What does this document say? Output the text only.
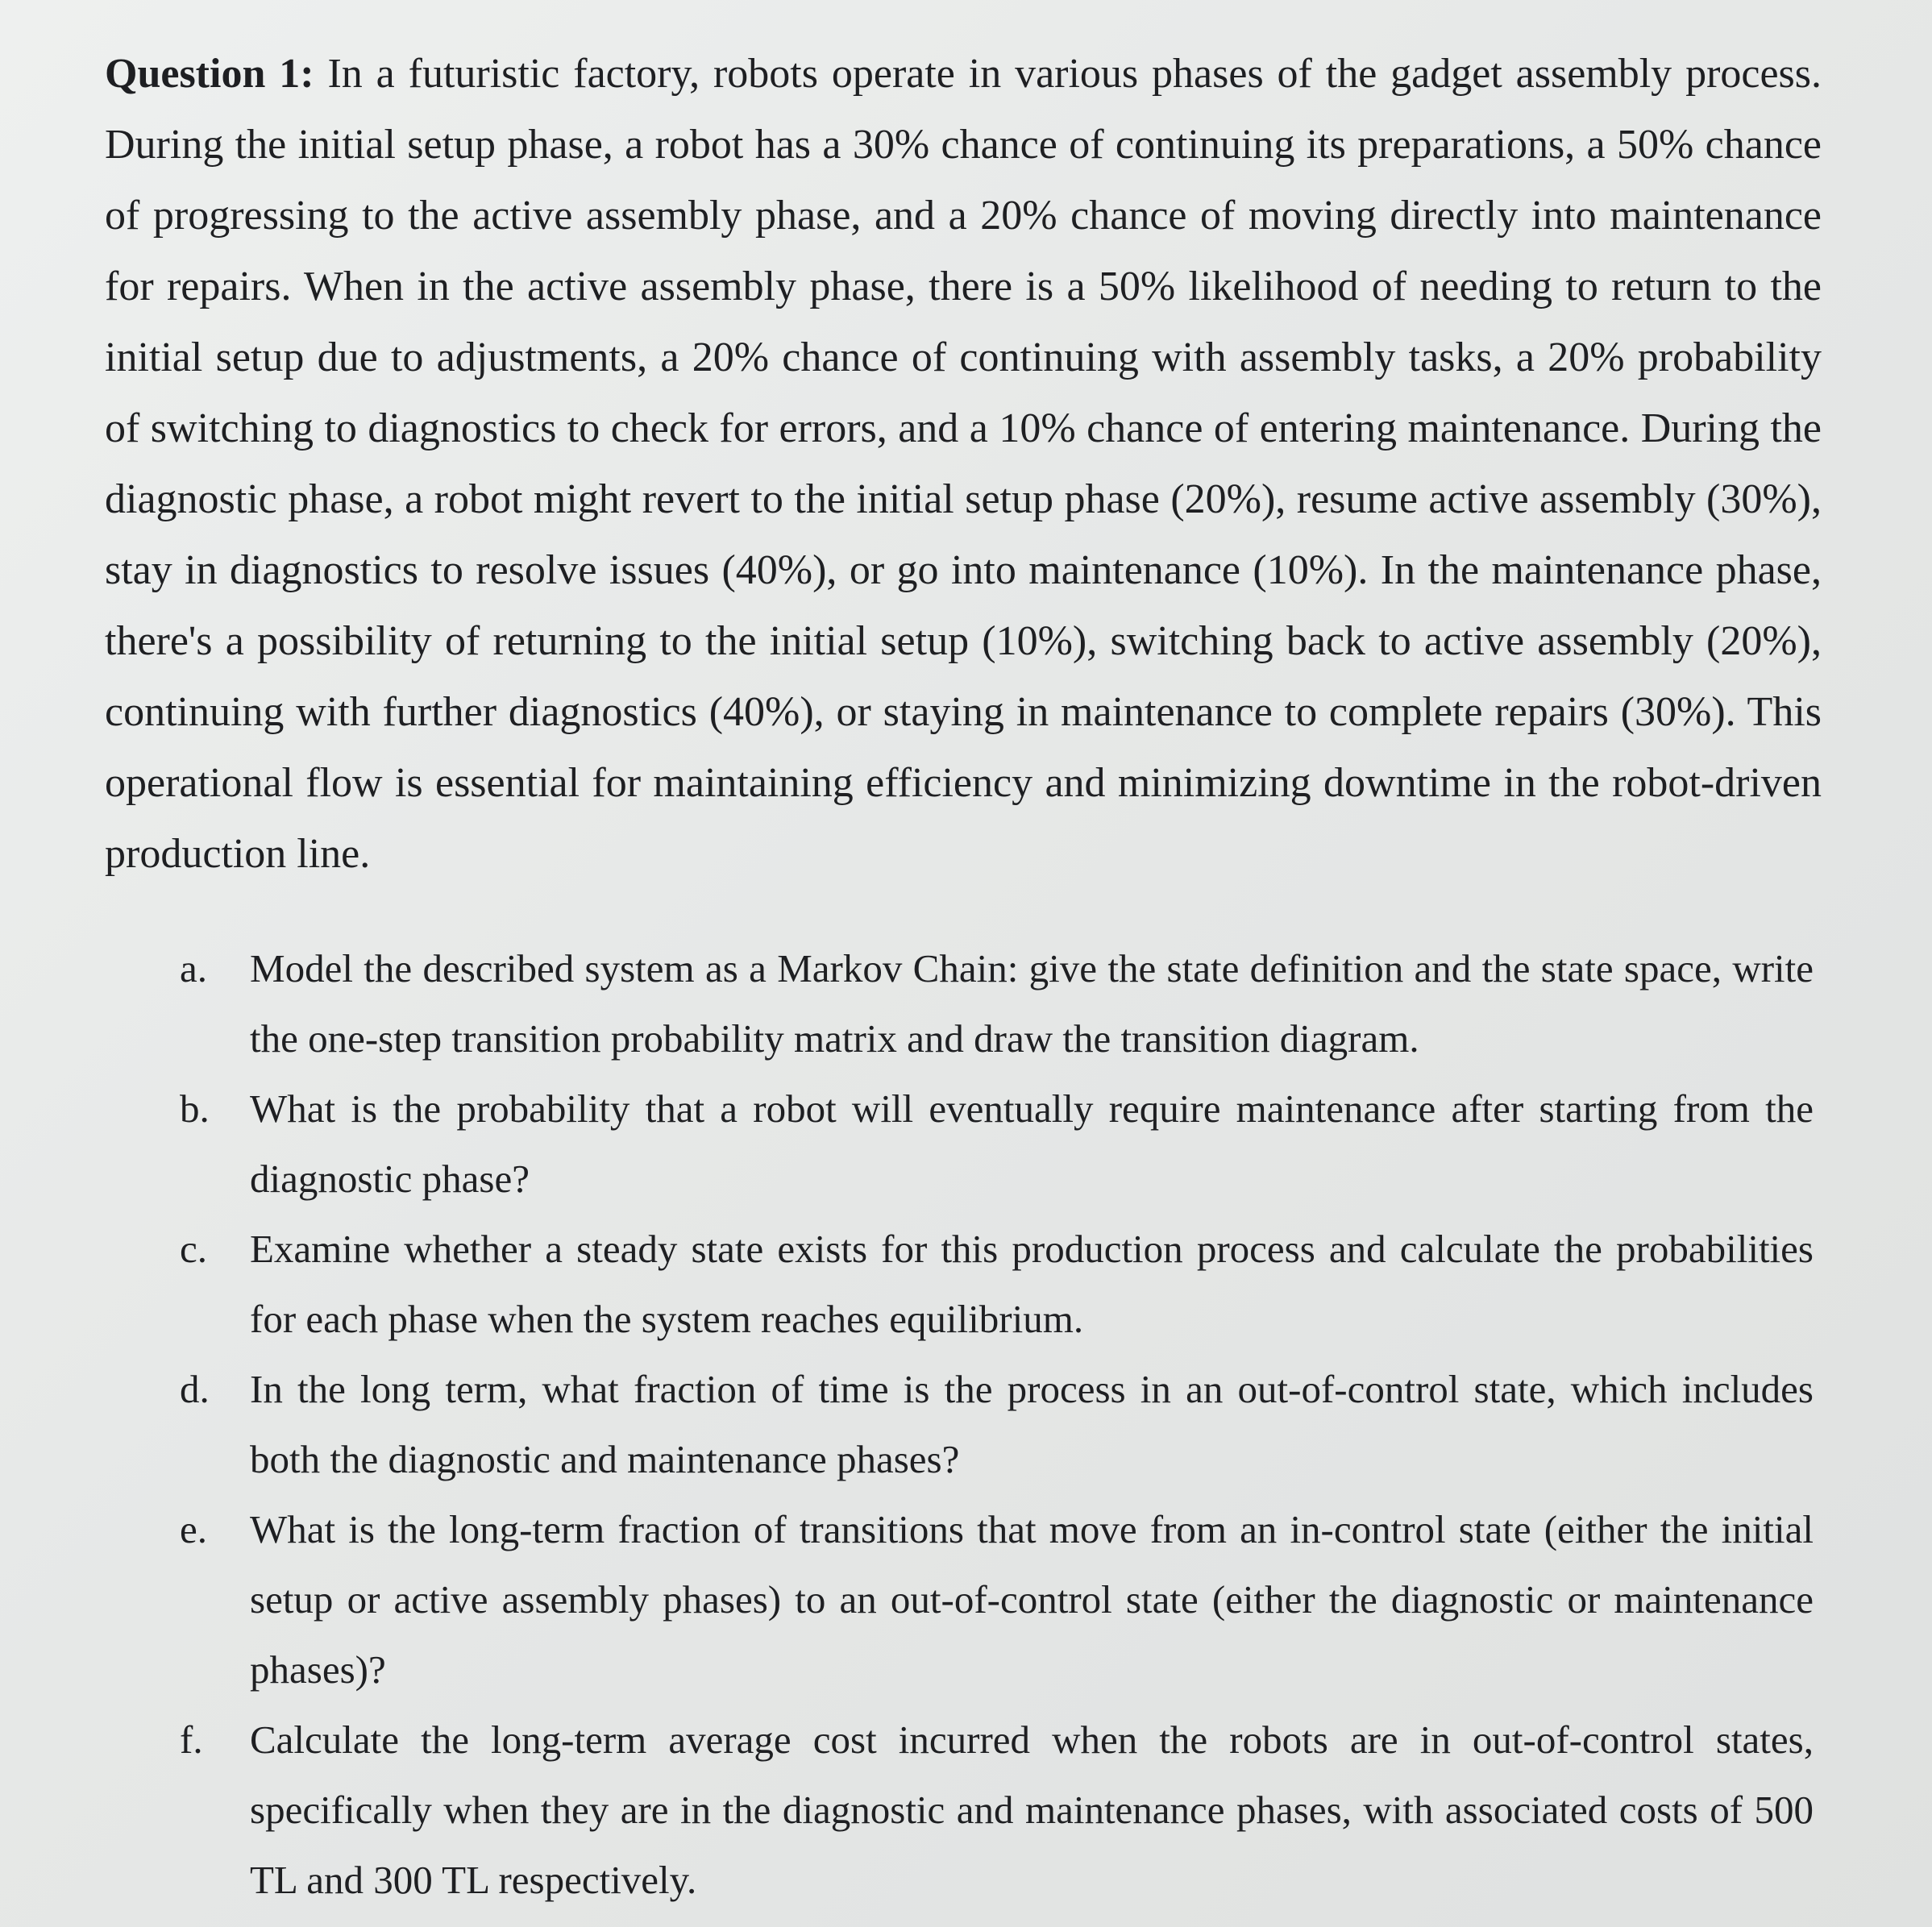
Question 1: In a futuristic factory, robots operate in various phases of the gadget assembly process. During the initial setup phase, a robot has a 30% chance of continuing its preparations, a 50% chance of progressing to the active assembly phase, and a 20% chance of moving directly into maintenance for repairs. When in the active assembly phase, there is a 50% likelihood of needing to return to the initial setup due to adjustments, a 20% chance of continuing with assembly tasks, a 20% probability of switching to diagnostics to check for errors, and a 10% chance of entering maintenance. During the diagnostic phase, a robot might revert to the initial setup phase (20%), resume active assembly (30%), stay in diagnostics to resolve issues (40%), or go into maintenance (10%). In the maintenance phase, there's a possibility of returning to the initial setup (10%), switching back to active assembly (20%), continuing with further diagnostics (40%), or staying in maintenance to complete repairs (30%). This operational flow is essential for maintaining efficiency and minimizing downtime in the robot-driven production line.

a. Model the described system as a Markov Chain: give the state definition and the state space, write the one-step transition probability matrix and draw the transition diagram.
b. What is the probability that a robot will eventually require maintenance after starting from the diagnostic phase?
c. Examine whether a steady state exists for this production process and calculate the probabilities for each phase when the system reaches equilibrium.
d. In the long term, what fraction of time is the process in an out-of-control state, which includes both the diagnostic and maintenance phases?
e. What is the long-term fraction of transitions that move from an in-control state (either the initial setup or active assembly phases) to an out-of-control state (either the diagnostic or maintenance phases)?
f. Calculate the long-term average cost incurred when the robots are in out-of-control states, specifically when they are in the diagnostic and maintenance phases, with associated costs of 500 TL and 300 TL respectively.
